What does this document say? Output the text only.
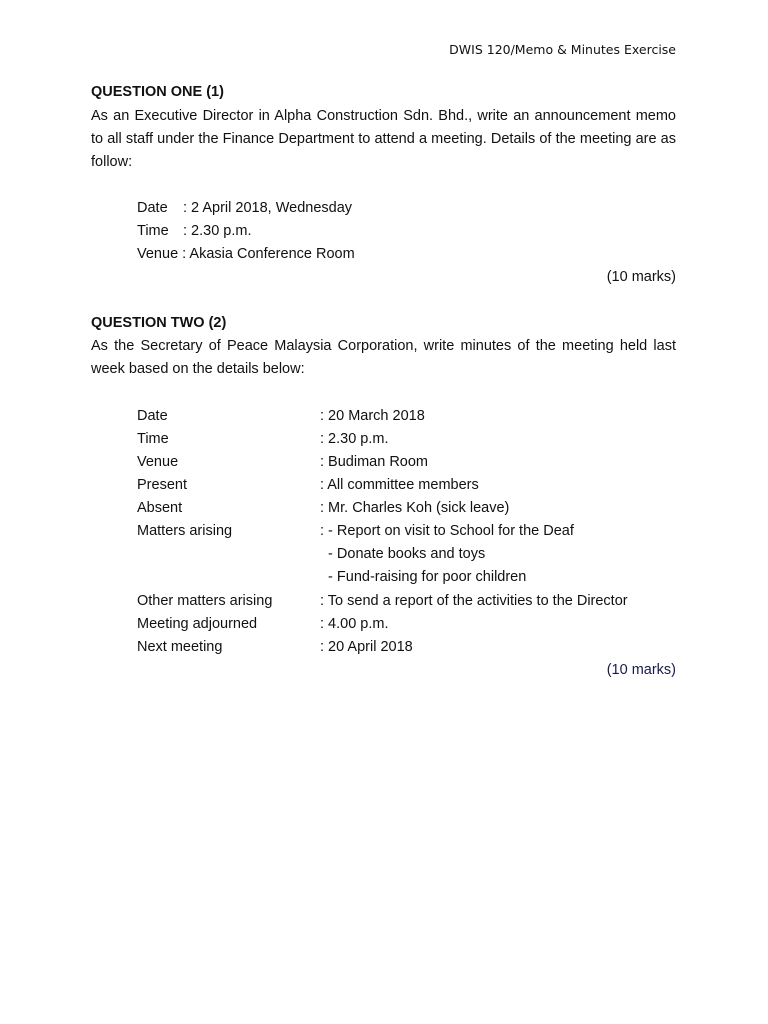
DWIS 120/Memo & Minutes Exercise
QUESTION ONE (1)
As an Executive Director in Alpha Construction Sdn. Bhd., write an announcement memo to all staff under the Finance Department to attend a meeting. Details of the meeting are as follow:
Date : 2 April 2018, Wednesday
Time : 2.30 p.m.
Venue : Akasia Conference Room
(10 marks)
QUESTION TWO (2)
As the Secretary of Peace Malaysia Corporation, write minutes of the meeting held last week based on the details below:
Date	: 20 March 2018
Time	: 2.30 p.m.
Venue	: Budiman Room
Present	: All committee members
Absent	: Mr. Charles Koh (sick leave)
Matters arising	: - Report on visit to School for the Deaf
- Donate books and toys
- Fund-raising for poor children
Other matters arising	: To send a report of the activities to the Director
Meeting adjourned	: 4.00 p.m.
Next meeting	: 20 April 2018
(10 marks)
